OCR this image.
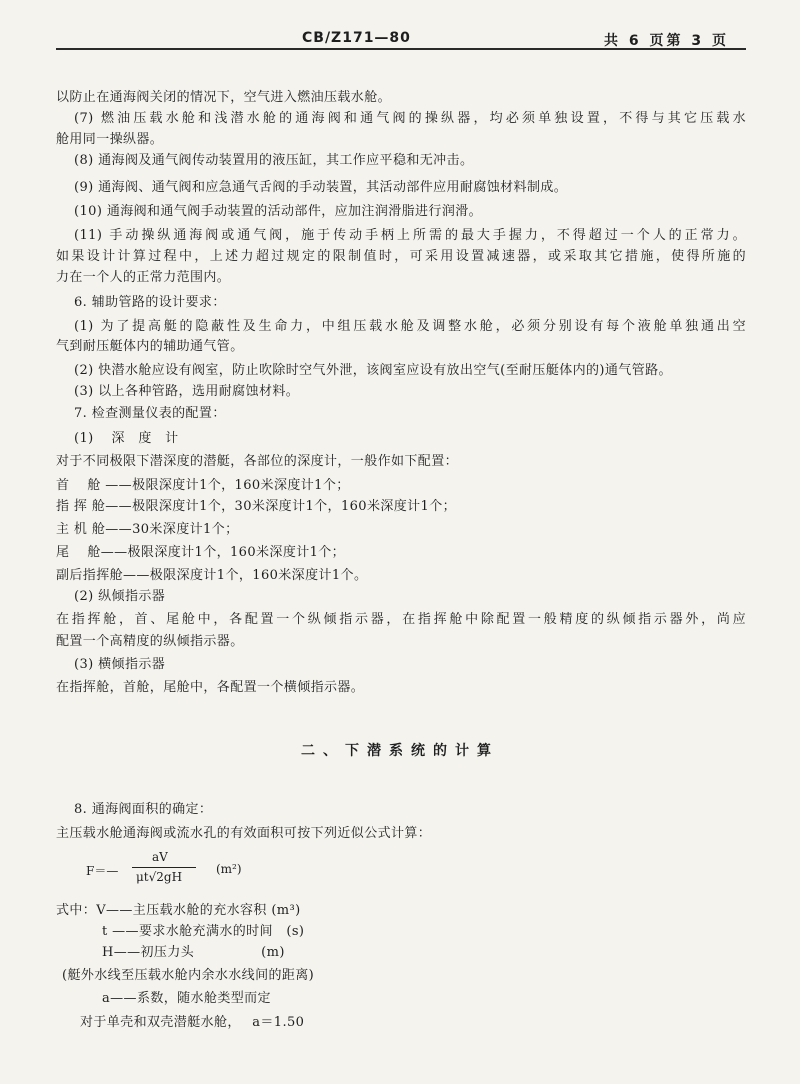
CB/Z171—80	共 6 页第 3 页
以防止在通海阀关闭的情况下，空气进入燃油压载水舱。
(7) 燃油压载水舱和浅潜水舱的通海阀和通气阀的操纵器，均必须单独设置，不得与其它压载水
舱用同一操纵器。
(8) 通海阀及通气阀传动装置用的液压缸，其工作应平稳和无冲击。
(9) 通海阀、通气阀和应急通气舌阀的手动装置，其活动部件应用耐腐蚀材料制成。
(10) 通海阀和通气阀手动装置的活动部件，应加注润滑脂进行润滑。
(11) 手动操纵通海阀或通气阀，施于传动手柄上所需的最大手握力，不得超过一个人的正常力。
如果设计计算过程中，上述力超过规定的限制值时，可采用设置减速器，或采取其它措施，使得所施的
力在一个人的正常力范围内。
6. 辅助管路的设计要求：
(1) 为了提高艇的隐蔽性及生命力，中组压载水舱及调整水舱，必须分别设有每个液舱单独通出空
气到耐压艇体内的辅助通气管。
(2) 快潜水舱应设有阀室，防止吹除时空气外泄，该阀室应设有放出空气(至耐压艇体内的)通气管路。
(3) 以上各种管路，选用耐腐蚀材料。
7. 检查测量仪表的配置：
(1)　 深　度　计
对于不同极限下潜深度的潜艇，各部位的深度计，一般作如下配置：
首　 舱 ——极限深度计1个，160米深度计1个；
指 挥 舱——极限深度计1个，30米深度计1个，160米深度计1个；
主 机 舱——30米深度计1个；
尾　 舱——极限深度计1个，160米深度计1个；
副后指挥舱——极限深度计1个，160米深度计1个。
(2) 纵倾指示器
在指挥舱，首、尾舱中，各配置一个纵倾指示器，在指挥舱中除配置一般精度的纵倾指示器外，尚应
配置一个高精度的纵倾指示器。
(3) 横倾指示器
在指挥舱，首舱，尾舱中，各配置一个横倾指示器。
二、下潜系统的计算
8. 通海阀面积的确定：
主压载水舱通海阀或流水孔的有效面积可按下列近似公式计算：
F＝—
aV
μt√2gH
(m²)
式中：V——主压载水舱的充水容积 (m³)
t ——要求水舱充满水的时间　(s)
H——初压力头　　　　　(m)
(艇外水线至压载水舱内余水水线间的距离)
a——系数，随水舱类型而定
对于单壳和双壳潜艇水舱，　 a＝1.50
